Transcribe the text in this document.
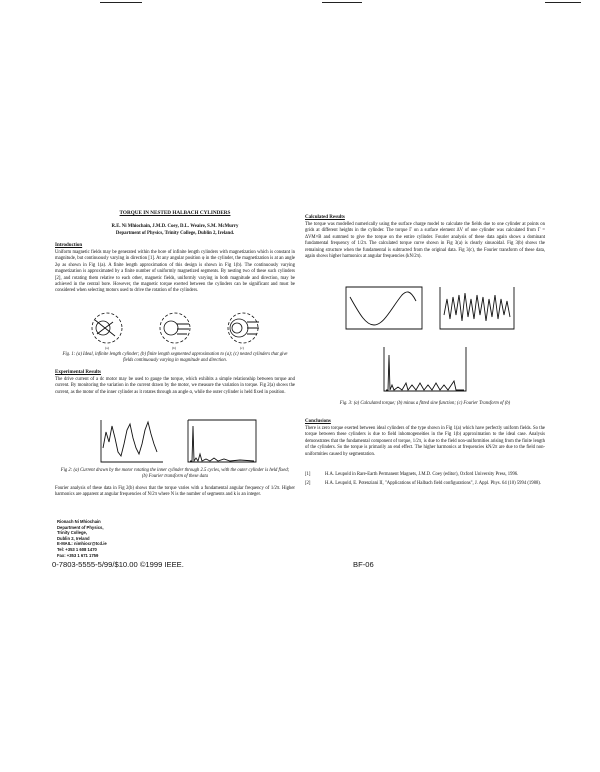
TORQUE IN NESTED HALBACH CYLINDERS
R.E. Ni Mhiochain, J.M.D. Coey, D.L. Weaire, S.M. McMurry
Department of Physics, Trinity College, Dublin 2, Ireland.
Introduction
Uniform magnetic fields may be generated within the bore of infinite length cylinders with magnetization which is constant in magnitude, but continuously varying in direction [1]. At any angular position φ in the cylinder, the magnetization is at an angle 2φ as shown in Fig 1(a). A finite length approximation of this design is shown in Fig 1(b). The continuously varying magnetization is approximated by a finite number of uniformly magnetized segments. By nesting two of these such cylinders [2], and rotating them relative to each other, magnetic fields, uniformly varying in both magnitude and direction, may be achieved in the central bore. However, the magnetic torque exerted between the cylinders can be significant and must be considered when selecting motors used to drive the rotation of the cylinders.
(a)	(b)	(c)
Fig. 1: (a) Ideal, infinite length cylinder; (b) finite length segmented approximation to (a); (c) nested cylinders that give fields continuously varying in magnitude and direction.
Experimental Results
The drive current of a dc motor may be used to gauge the torque, which exhibits a simple relationship between torque and current. By monitoring the variation in the current drawn by the motor, we measure the variation in torque. Fig 2(a) shows the current, as the motor of the inner cylinder as it rotates through an angle α, while the outer cylinder is held fixed in position.
Fig 2: (a) Current drawn by the motor rotating the inner cylinder through 2.5 cycles, with the outer cylinder is held fixed; (b) Fourier transform of these data
Fourier analysis of these data in Fig 2(b) shows that the torque varies with a fundamental angular frequency of 1/2π. Higher harmonics are apparent at angular frequencies of N/2π where N is the number of segments and k is an integer.
Rionach Ni Mhiochain
Department of Physics,
Trinity College,
Dublin 2, Ireland
E-MAIL: nimhiocr@tcd.ie
Tel: +353 1 608 1470
Fax: +353 1 671 1759
0-7803-5555-5/99/$10.00 ©1999 IEEE.	BF-06
Calculated Results
The torque was modelled numerically using the surface charge model to calculate the fields due to one cylinder at points on grids at different heights in the cylinder. The torque Γ on a surface element ΔV of one cylinder was calculated from Γ = ΔVM×B and summed to give the torque on the entire cylinder. Fourier analysis of these data again shows a dominant fundamental frequency of 1/2π. The calculated torque curve shown in Fig 3(a) is clearly sinusoidal. Fig 3(b) shows the remaining structure when the fundamental is subtracted from the original data. Fig 3(c), the Fourier transform of these data, again shows higher harmonics at angular frequencies (kN/2π).
Fig. 3: (a) Calculated torque; (b) minus a fitted sine function; (c) Fourier Transform of (b)
Conclusions
There is zero torque exerted between ideal cylinders of the type shown in Fig 1(a) which have perfectly uniform fields. So the torque between these cylinders is due to field inhomogeneities in the Fig 1(b) approximation to the ideal case. Analysis demonstrates that the fundamental component of torque, 1/2π, is due to the field non-uniformities arising from the finite length of the cylinders. So the torque is primarily an end effect. The higher harmonics at frequencies kN/2π are due to the field non-uniformities caused by segmentation.
[1]	H.A. Leupold in Rare-Earth Permanent Magnets, J.M.D. Coey (editor), Oxford University Press, 1996.
[2]	H.A. Leupold, E. Potenziani II, "Applications of Halbach field configurations", J. Appl. Phys. 64 (10) 5994 (1988).
